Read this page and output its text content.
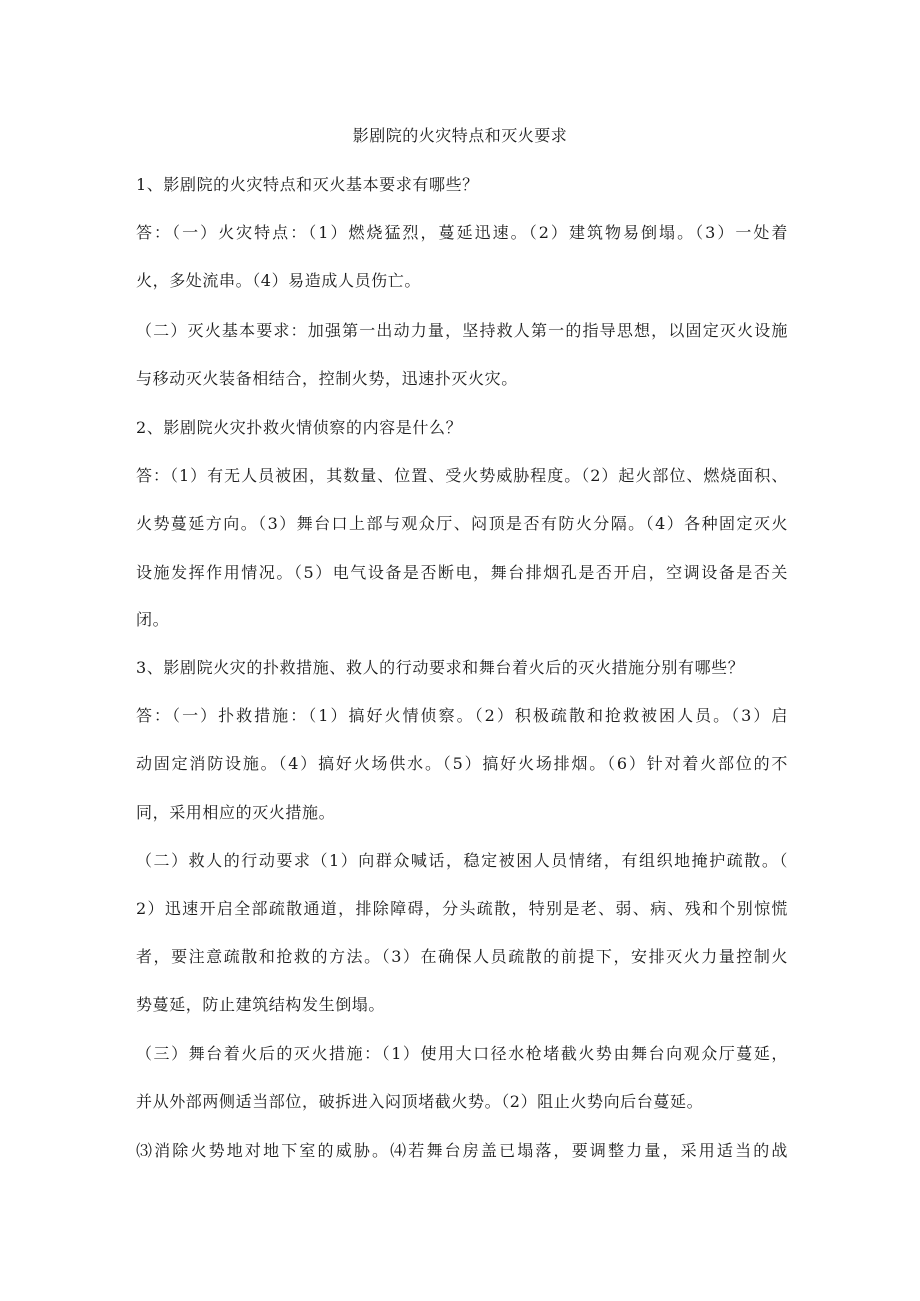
影剧院的火灾特点和灭火要求
1、影剧院的火灾特点和灭火基本要求有哪些？
答：（一）火灾特点：（1）燃烧猛烈，蔓延迅速。（2）建筑物易倒塌。（3）一处着
火，多处流串。（4）易造成人员伤亡。
（二）灭火基本要求：加强第一出动力量，坚持救人第一的指导思想，以固定灭火设施
与移动灭火装备相结合，控制火势，迅速扑灭火灾。
2、影剧院火灾扑救火情侦察的内容是什么？
答：（1）有无人员被困，其数量、位置、受火势威胁程度。（2）起火部位、燃烧面积、
火势蔓延方向。（3）舞台口上部与观众厅、闷顶是否有防火分隔。（4）各种固定灭火
设施发挥作用情况。（5）电气设备是否断电，舞台排烟孔是否开启，空调设备是否关
闭。
3、影剧院火灾的扑救措施、救人的行动要求和舞台着火后的灭火措施分别有哪些？
答：（一）扑救措施：（1）搞好火情侦察。（2）积极疏散和抢救被困人员。（3）启
动固定消防设施。（4）搞好火场供水。（5）搞好火场排烟。（6）针对着火部位的不
同，采用相应的灭火措施。
（二）救人的行动要求（1）向群众喊话，稳定被困人员情绪，有组织地掩护疏散。（
2）迅速开启全部疏散通道，排除障碍，分头疏散，特别是老、弱、病、残和个别惊慌
者，要注意疏散和抢救的方法。（3）在确保人员疏散的前提下，安排灭火力量控制火
势蔓延，防止建筑结构发生倒塌。
（三）舞台着火后的灭火措施：（1）使用大口径水枪堵截火势由舞台向观众厅蔓延，
并从外部两侧适当部位，破拆进入闷顶堵截火势。（2）阻止火势向后台蔓延。
⑶消除火势地对地下室的威胁。⑷若舞台房盖已塌落，要调整力量，采用适当的战
